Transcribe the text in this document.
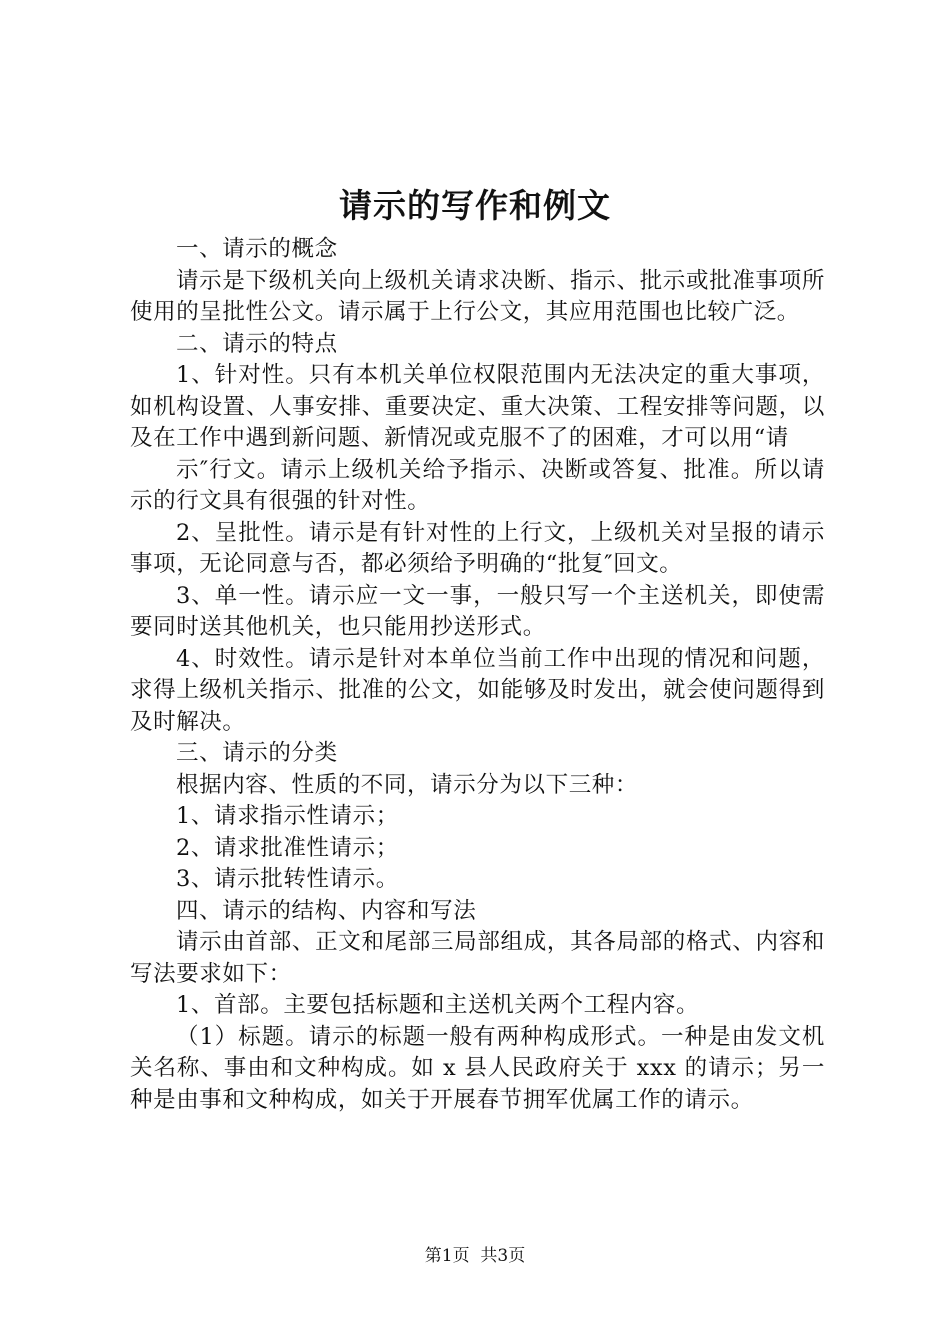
请示的写作和例文

一、请示的概念

请示是下级机关向上级机关请求决断、指示、批示或批准事项所使用的呈批性公文。请示属于上行公文，其应用范围也比较广泛。

二、请示的特点

1、针对性。只有本机关单位权限范围内无法决定的重大事项，如机构设置、人事安排、重要决定、重大决策、工程安排等问题，以及在工作中遇到新问题、新情况或克服不了的困难，才可以用“请

示″行文。请示上级机关给予指示、决断或答复、批准。所以请示的行文具有很强的针对性。

2、呈批性。请示是有针对性的上行文，上级机关对呈报的请示事项，无论同意与否，都必须给予明确的“批复″回文。

3、单一性。请示应一文一事，一般只写一个主送机关，即使需要同时送其他机关，也只能用抄送形式。

4、时效性。请示是针对本单位当前工作中出现的情况和问题，求得上级机关指示、批准的公文，如能够及时发出，就会使问题得到及时解决。

三、请示的分类

根据内容、性质的不同，请示分为以下三种：

1、请求指示性请示；

2、请求批准性请示；

3、请示批转性请示。

四、请示的结构、内容和写法

请示由首部、正文和尾部三局部组成，其各局部的格式、内容和写法要求如下：

1、首部。主要包括标题和主送机关两个工程内容。

（1）标题。请示的标题一般有两种构成形式。一种是由发文机关名称、事由和文种构成。如 x 县人民政府关于 xxx 的请示；另一种是由事和文种构成，如关于开展春节拥军优属工作的请示。

第1页  共3页
